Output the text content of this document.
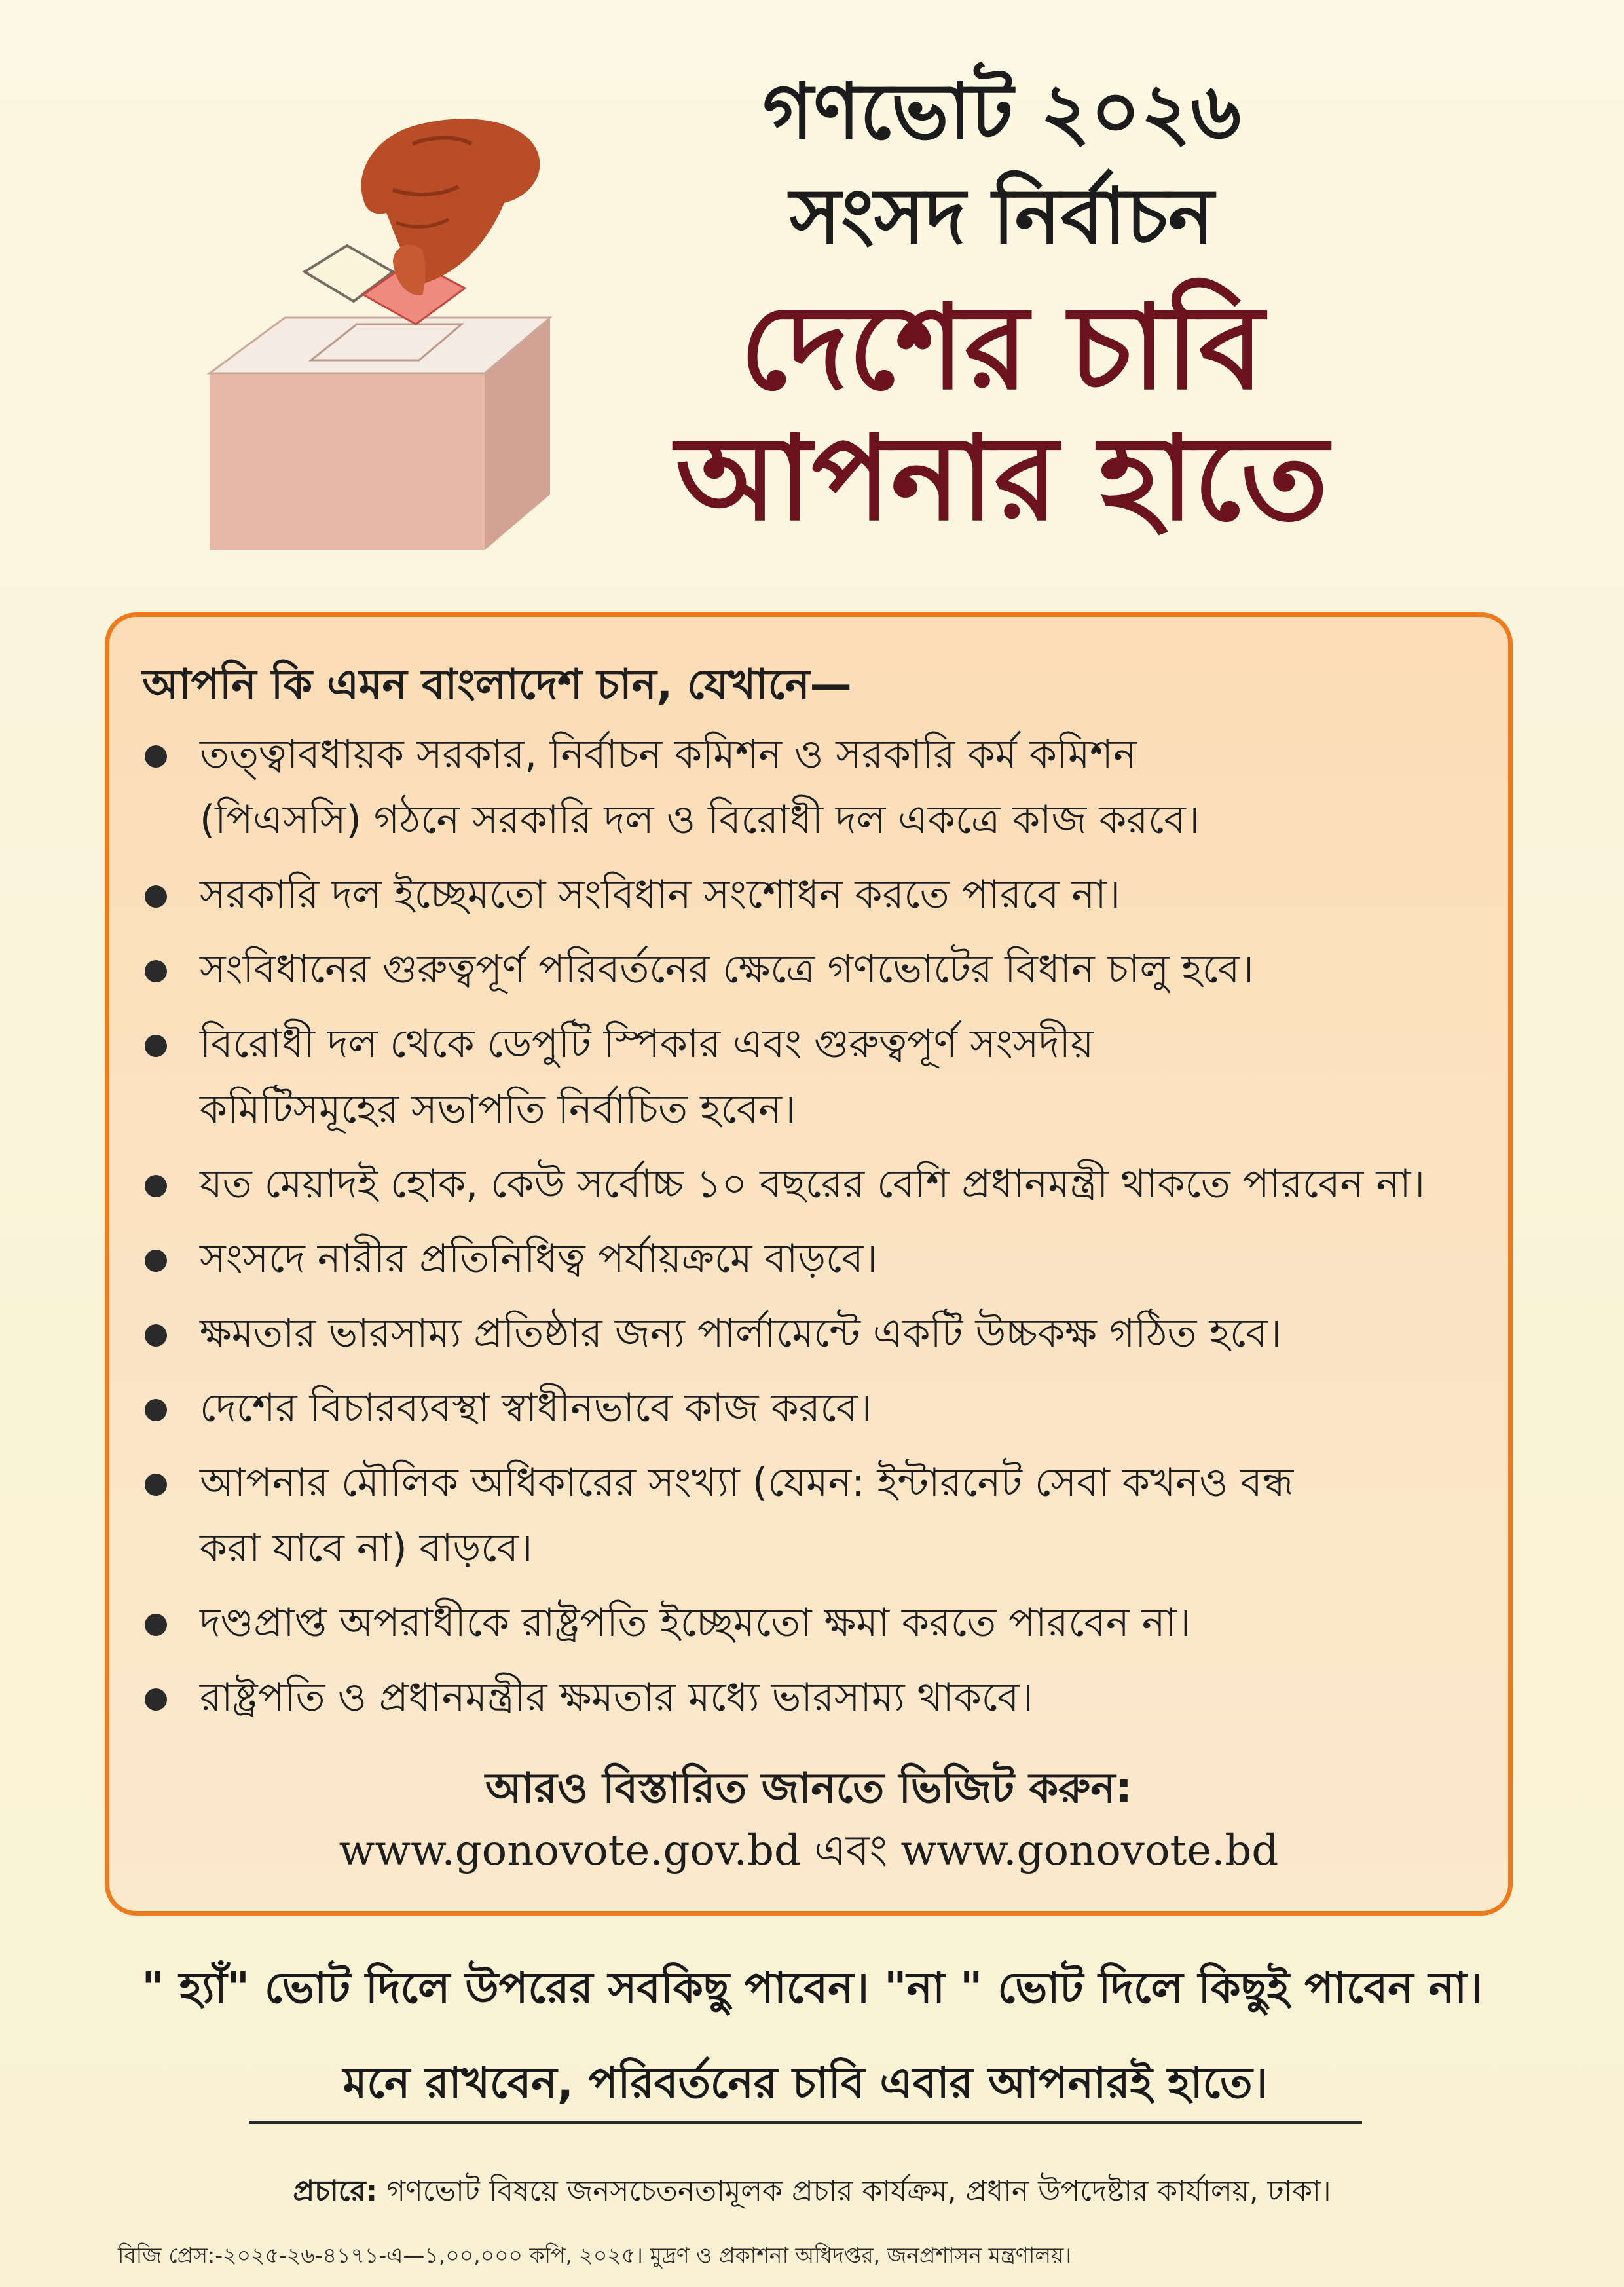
গণভোট ২০২৬
সংসদ নির্বাচন
দেশের চাবি
আপনার হাতে
আপনি কি এমন বাংলাদেশ চান, যেখানে—
তত্ত্বাবধায়ক সরকার, নির্বাচন কমিশন ও সরকারি কর্ম কমিশন
(পিএসসি) গঠনে সরকারি দল ও বিরোধী দল একত্রে কাজ করবে।
সরকারি দল ইচ্ছেমতো সংবিধান সংশোধন করতে পারবে না।
সংবিধানের গুরুত্বপূর্ণ পরিবর্তনের ক্ষেত্রে গণভোটের বিধান চালু হবে।
বিরোধী দল থেকে ডেপুটি স্পিকার এবং গুরুত্বপূর্ণ সংসদীয়
কমিটিসমূহের সভাপতি নির্বাচিত হবেন।
যত মেয়াদই হোক, কেউ সর্বোচ্চ ১০ বছরের বেশি প্রধানমন্ত্রী থাকতে পারবেন না।
সংসদে নারীর প্রতিনিধিত্ব পর্যায়ক্রমে বাড়বে।
ক্ষমতার ভারসাম্য প্রতিষ্ঠার জন্য পার্লামেন্টে একটি উচ্চকক্ষ গঠিত হবে।
দেশের বিচারব্যবস্থা স্বাধীনভাবে কাজ করবে।
আপনার মৌলিক অধিকারের সংখ্যা (যেমন: ইন্টারনেট সেবা কখনও বন্ধ
করা যাবে না) বাড়বে।
দণ্ডপ্রাপ্ত অপরাধীকে রাষ্ট্রপতি ইচ্ছেমতো ক্ষমা করতে পারবেন না।
রাষ্ট্রপতি ও প্রধানমন্ত্রীর ক্ষমতার মধ্যে ভারসাম্য থাকবে।
আরও বিস্তারিত জানতে ভিজিট করুন:
www.gonovote.gov.bd এবং www.gonovote.bd
" হ্যাঁ" ভোট দিলে উপরের সবকিছু পাবেন। "না " ভোট দিলে কিছুই পাবেন না।
মনে রাখবেন, পরিবর্তনের চাবি এবার আপনারই হাতে।
প্রচারে: গণভোট বিষয়ে জনসচেতনতামূলক প্রচার কার্যক্রম, প্রধান উপদেষ্টার কার্যালয়, ঢাকা।
বিজি প্রেস:-২০২৫-২৬-৪১৭১-এ—১,০০,০০০ কপি, ২০২৫। মুদ্রণ ও প্রকাশনা অধিদপ্তর, জনপ্রশাসন মন্ত্রণালয়।
